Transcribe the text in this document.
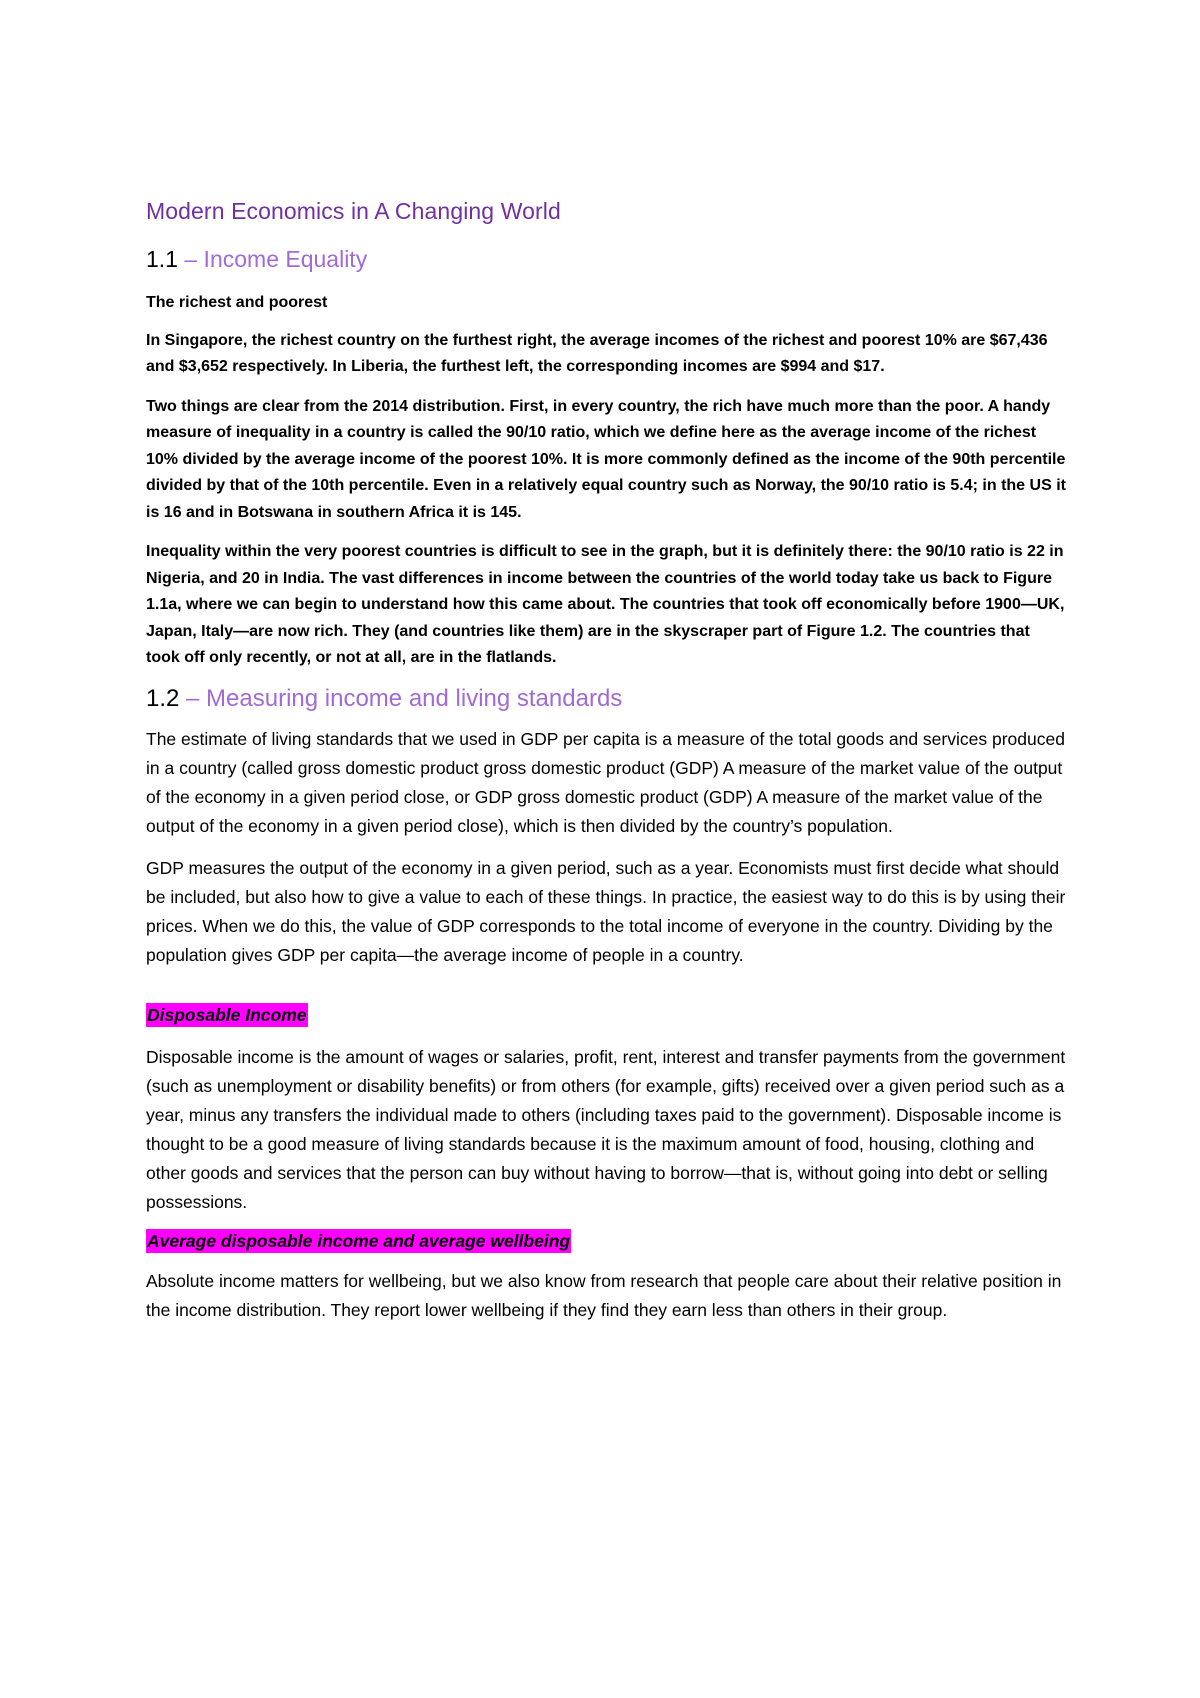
Modern Economics in A Changing World
1.1 – Income Equality

The richest and poorest

In Singapore, the richest country on the furthest right, the average incomes of the richest and poorest 10% are $67,436 and $3,652 respectively. In Liberia, the furthest left, the corresponding incomes are $994 and $17.

Two things are clear from the 2014 distribution. First, in every country, the rich have much more than the poor. A handy measure of inequality in a country is called the 90/10 ratio, which we define here as the average income of the richest 10% divided by the average income of the poorest 10%. It is more commonly defined as the income of the 90th percentile divided by that of the 10th percentile. Even in a relatively equal country such as Norway, the 90/10 ratio is 5.4; in the US it is 16 and in Botswana in southern Africa it is 145.

Inequality within the very poorest countries is difficult to see in the graph, but it is definitely there: the 90/10 ratio is 22 in Nigeria, and 20 in India. The vast differences in income between the countries of the world today take us back to Figure 1.1a, where we can begin to understand how this came about. The countries that took off economically before 1900—UK, Japan, Italy—are now rich. They (and countries like them) are in the skyscraper part of Figure 1.2. The countries that took off only recently, or not at all, are in the flatlands.

1.2 – Measuring income and living standards

The estimate of living standards that we used in GDP per capita is a measure of the total goods and services produced in a country (called gross domestic product gross domestic product (GDP) A measure of the market value of the output of the economy in a given period close, or GDP gross domestic product (GDP) A measure of the market value of the output of the economy in a given period close), which is then divided by the country’s population.

GDP measures the output of the economy in a given period, such as a year. Economists must first decide what should be included, but also how to give a value to each of these things. In practice, the easiest way to do this is by using their prices. When we do this, the value of GDP corresponds to the total income of everyone in the country. Dividing by the population gives GDP per capita—the average income of people in a country.

Disposable Income

Disposable income is the amount of wages or salaries, profit, rent, interest and transfer payments from the government (such as unemployment or disability benefits) or from others (for example, gifts) received over a given period such as a year, minus any transfers the individual made to others (including taxes paid to the government). Disposable income is thought to be a good measure of living standards because it is the maximum amount of food, housing, clothing and other goods and services that the person can buy without having to borrow—that is, without going into debt or selling possessions.

Average disposable income and average wellbeing

Absolute income matters for wellbeing, but we also know from research that people care about their relative position in the income distribution. They report lower wellbeing if they find they earn less than others in their group.
